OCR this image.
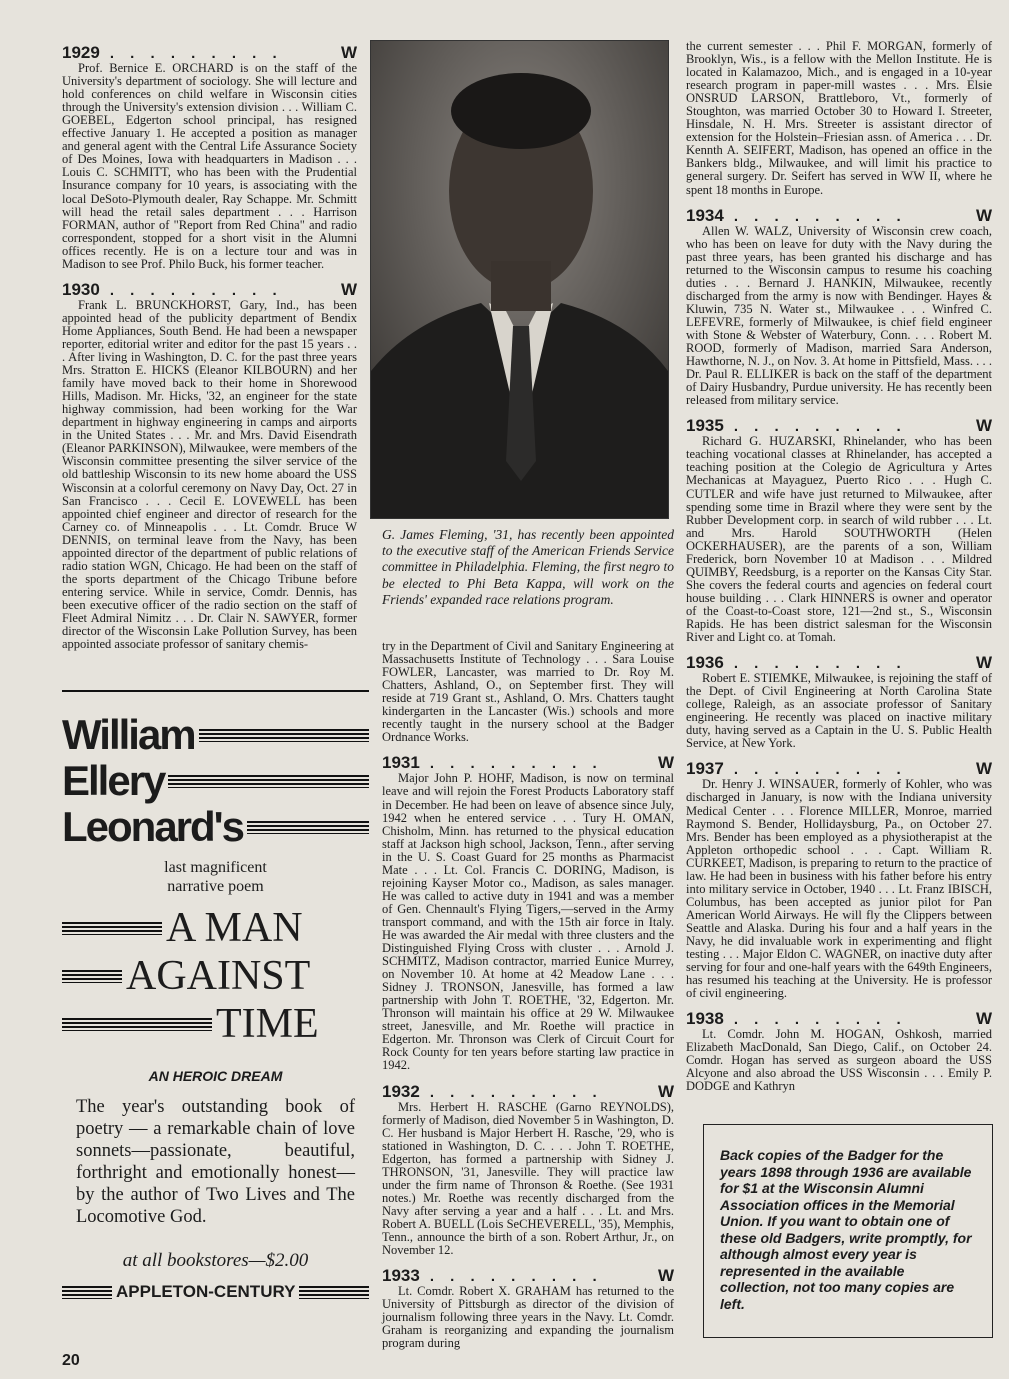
1929 . . . . . . . . .	W

Prof. Bernice E. ORCHARD is on the staff of the University's department of sociology. She will lecture and hold conferences on child welfare in Wisconsin cities through the University's extension division . . . William C. GOEBEL, Edgerton school principal, has resigned effective January 1. He accepted a position as manager and general agent with the Central Life Assurance Society of Des Moines, Iowa with headquarters in Madison . . . Louis C. SCHMITT, who has been with the Prudential Insurance company for 10 years, is associating with the local DeSoto-Plymouth dealer, Ray Schappe. Mr. Schmitt will head the retail sales department . . . Harrison FORMAN, author of "Report from Red China" and radio correspondent, stopped for a short visit in the Alumni offices recently. He is on a lecture tour and was in Madison to see Prof. Philo Buck, his former teacher.

1930 . . . . . . . . .	W

Frank L. BRUNCKHORST, Gary, Ind., has been appointed head of the publicity department of Bendix Home Appliances, South Bend. He had been a newspaper reporter, editorial writer and editor for the past 15 years . . . After living in Washington, D. C. for the past three years Mrs. Stratton E. HICKS (Eleanor KILBOURN) and her family have moved back to their home in Shorewood Hills, Madison. Mr. Hicks, '32, an engineer for the state highway commission, had been working for the War department in highway engineering in camps and airports in the United States . . . Mr. and Mrs. David Eisendrath (Eleanor PARKINSON), Milwaukee, were members of the Wisconsin committee presenting the silver service of the old battleship Wisconsin to its new home aboard the USS Wisconsin at a colorful ceremony on Navy Day, Oct. 27 in San Francisco . . . Cecil E. LOVEWELL has been appointed chief engineer and director of research for the Carney co. of Minneapolis . . . Lt. Comdr. Bruce W DENNIS, on terminal leave from the Navy, has been appointed director of the department of public relations of radio station WGN, Chicago. He had been on the staff of the sports department of the Chicago Tribune before entering service. While in service, Comdr. Dennis, has been executive officer of the radio section on the staff of Fleet Admiral Nimitz . . . Dr. Clair N. SAWYER, former director of the Wisconsin Lake Pollution Survey, has been appointed associate professor of sanitary chemis-

G. James Fleming, '31, has recently been appointed to the executive staff of the American Friends Service committee in Philadelphia. Fleming, the first negro to be elected to Phi Beta Kappa, will work on the Friends' expanded race relations program.

try in the Department of Civil and Sanitary Engineering at Massachusetts Institute of Technology . . . Sara Louise FOWLER, Lancaster, was married to Dr. Roy M. Chatters, Ashland, O., on September first. They will reside at 719 Grant st., Ashland, O. Mrs. Chatters taught kindergarten in the Lancaster (Wis.) schools and more recently taught in the nursery school at the Badger Ordnance Works.

1931 . . . . . . . . .	W

Major John P. HOHF, Madison, is now on terminal leave and will rejoin the Forest Products Laboratory staff in December. He had been on leave of absence since July, 1942 when he entered service . . . Tury H. OMAN, Chisholm, Minn. has returned to the physical education staff at Jackson high school, Jackson, Tenn., after serving in the U. S. Coast Guard for 25 months as Pharmacist Mate . . . Lt. Col. Francis C. DORING, Madison, is rejoining Kayser Motor co., Madison, as sales manager. He was called to active duty in 1941 and was a member of Gen. Chennault's Flying Tigers,—served in the Army transport command, and with the 15th air force in Italy. He was awarded the Air medal with three clusters and the Distinguished Flying Cross with cluster . . . Arnold J. SCHMITZ, Madison contractor, married Eunice Murrey, on November 10. At home at 42 Meadow Lane . . . Sidney J. TRONSON, Janesville, has formed a law partnership with John T. ROETHE, '32, Edgerton. Mr. Thronson will maintain his office at 29 W. Milwaukee street, Janesville, and Mr. Roethe will practice in Edgerton. Mr. Thronson was Clerk of Circuit Court for Rock County for ten years before starting law practice in 1942.

1932 . . . . . . . . .	W

Mrs. Herbert H. RASCHE (Garno REYNOLDS), formerly of Madison, died November 5 in Washington, D. C. Her husband is Major Herbert H. Rasche, '29, who is stationed in Washington, D. C. . . . John T. ROETHE, Edgerton, has formed a partnership with Sidney J. THRONSON, '31, Janesville. They will practice law under the firm name of Thronson & Roethe. (See 1931 notes.) Mr. Roethe was recently discharged from the Navy after serving a year and a half . . . Lt. and Mrs. Robert A. BUELL (Lois SeCHEVERELL, '35), Memphis, Tenn., announce the birth of a son. Robert Arthur, Jr., on November 12.

1933 . . . . . . . . .	W

Lt. Comdr. Robert X. GRAHAM has returned to the University of Pittsburgh as director of the division of journalism following three years in the Navy. Lt. Comdr. Graham is reorganizing and expanding the journalism program during

the current semester . . . Phil F. MORGAN, formerly of Brooklyn, Wis., is a fellow with the Mellon Institute. He is located in Kalamazoo, Mich., and is engaged in a 10-year research program in paper-mill wastes . . . Mrs. Elsie ONSRUD LARSON, Brattleboro, Vt., formerly of Stoughton, was married October 30 to Howard I. Streeter, Hinsdale, N. H. Mrs. Streeter is assistant director of extension for the Holstein–Friesian assn. of America . . . Dr. Kennth A. SEIFERT, Madison, has opened an office in the Bankers bldg., Milwaukee, and will limit his practice to general surgery. Dr. Seifert has served in WW II, where he spent 18 months in Europe.

1934 . . . . . . . . .	W

Allen W. WALZ, University of Wisconsin crew coach, who has been on leave for duty with the Navy during the past three years, has been granted his discharge and has returned to the Wisconsin campus to resume his coaching duties . . . Bernard J. HANKIN, Milwaukee, recently discharged from the army is now with Bendinger. Hayes & Kluwin, 735 N. Water st., Milwaukee . . . Winfred C. LEFEVRE, formerly of Milwaukee, is chief field engineer with Stone & Webster of Waterbury, Conn. . . . Robert M. ROOD, formerly of Madison, married Sara Anderson, Hawthorne, N. J., on Nov. 3. At home in Pittsfield, Mass. . . . Dr. Paul R. ELLIKER is back on the staff of the department of Dairy Husbandry, Purdue university. He has recently been released from military service.

1935 . . . . . . . . .	W

Richard G. HUZARSKI, Rhinelander, who has been teaching vocational classes at Rhinelander, has accepted a teaching position at the Colegio de Agricultura y Artes Mechanicas at Mayaguez, Puerto Rico . . . Hugh C. CUTLER and wife have just returned to Milwaukee, after spending some time in Brazil where they were sent by the Rubber Development corp. in search of wild rubber . . . Lt. and Mrs. Harold SOUTHWORTH (Helen OCKERHAUSER), are the parents of a son, William Frederick, born November 10 at Madison . . . Mildred QUIMBY, Reedsburg, is a reporter on the Kansas City Star. She covers the federal courts and agencies on federal court house building . . . Clark HINNERS is owner and operator of the Coast-to-Coast store, 121—2nd st., S., Wisconsin Rapids. He has been district salesman for the Wisconsin River and Light co. at Tomah.

1936 . . . . . . . . .	W

Robert E. STIEMKE, Milwaukee, is rejoining the staff of the Dept. of Civil Engineering at North Carolina State college, Raleigh, as an associate professor of Sanitary engineering. He recently was placed on inactive military duty, having served as a Captain in the U. S. Public Health Service, at New York.

1937 . . . . . . . . .	W

Dr. Henry J. WINSAUER, formerly of Kohler, who was discharged in January, is now with the Indiana university Medical Center . . . Florence MILLER, Monroe, married Raymond S. Bender, Hollidaysburg, Pa., on October 27. Mrs. Bender has been employed as a physiotherapist at the Appleton orthopedic school . . . Capt. William R. CURKEET, Madison, is preparing to return to the practice of law. He had been in business with his father before his entry into military service in October, 1940 . . . Lt. Franz IBISCH, Columbus, has been accepted as junior pilot for Pan American World Airways. He will fly the Clippers between Seattle and Alaska. During his four and a half years in the Navy, he did invaluable work in experimenting and flight testing . . . Major Eldon C. WAGNER, on inactive duty after serving for four and one-half years with the 649th Engineers, has resumed his teaching at the University. He is professor of civil engineering.

1938 . . . . . . . . .	W

Lt. Comdr. John M. HOGAN, Oshkosh, married Elizabeth MacDonald, San Diego, Calif., on October 24. Comdr. Hogan has served as surgeon aboard the USS Alcyone and also abroad the USS Wisconsin . . . Emily P. DODGE and Kathryn

William
Ellery
Leonard's
last magnificent narrative poem
A MAN
AGAINST
TIME
AN HEROIC DREAM
The year's outstanding book of poetry — a remarkable chain of love sonnets—passionate, beautiful, forthright and emotionally honest—by the author of Two Lives and The Locomotive God.
at all bookstores—$2.00
APPLETON-CENTURY
Back copies of the Badger for the years 1898 through 1936 are available for $1 at the Wisconsin Alumni Association offices in the Memorial Union. If you want to obtain one of these old Badgers, write promptly, for although almost every year is represented in the available collection, not too many copies are left.
20
